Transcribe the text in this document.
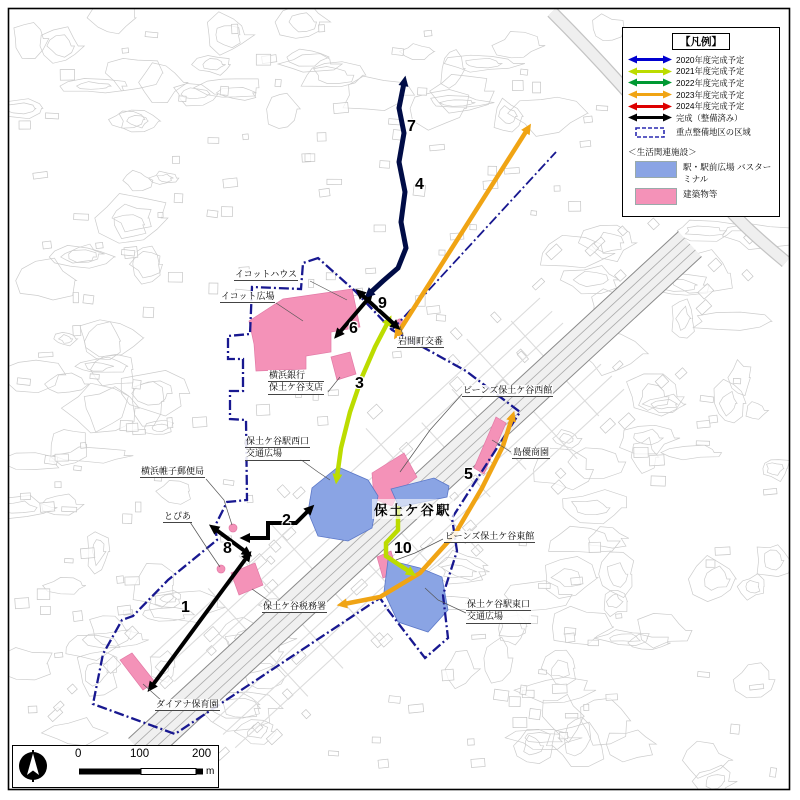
保土ケ谷駅
イコットハウス
イコット広場
横浜銀行
保土ケ谷支店
岩間町交番
横浜帷子郵便局
とぴあ
保土ケ谷駅西口
交通広場
保土ケ谷税務署
ダイアナ保育園
ビーンズ保土ケ谷西館
島優商園
ビーンズ保土ケ谷東館
保土ケ谷駅東口
交通広場
1
2
3
4
5
6
7
8
9
10
【凡例】
2020年度完成予定
2021年度完成予定
2022年度完成予定
2023年度完成予定
2024年度完成予定
完成（整備済み）
重点整備地区の区域
＜生活関連施設＞
駅・駅前広場 バスターミナル
建築物等
0	100	200
m
